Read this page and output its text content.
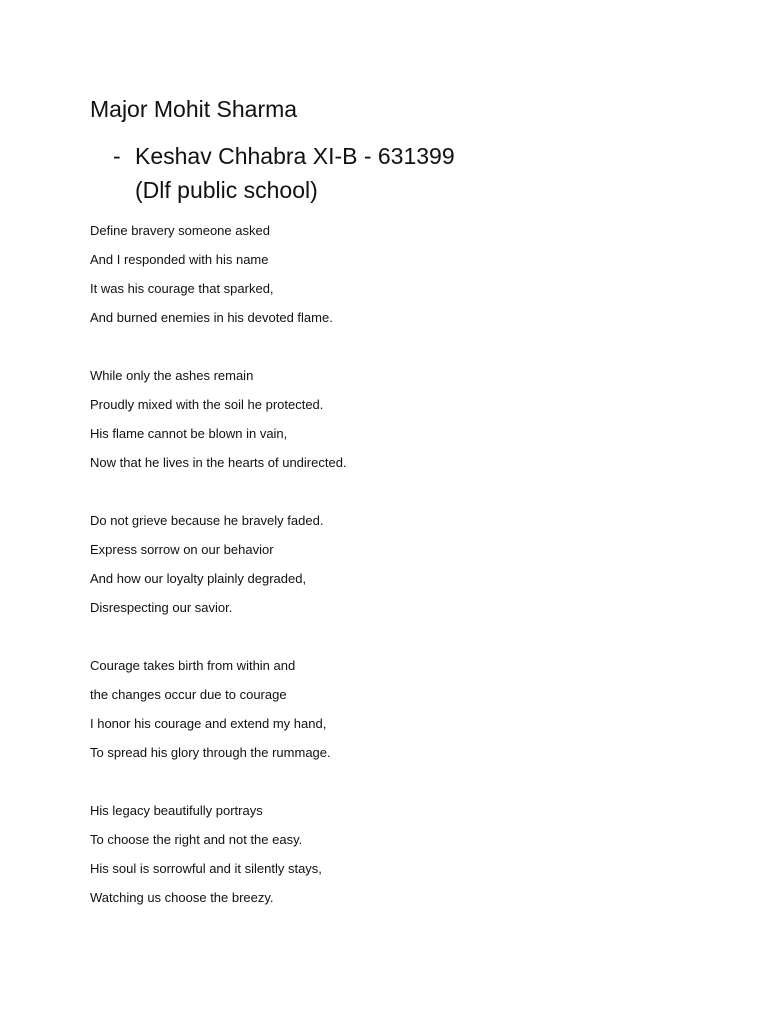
Major Mohit Sharma
- Keshav Chhabra XI-B - 631399
(Dlf public school)
Define bravery someone asked
And I responded with his name
It was his courage that sparked,
And burned enemies in his devoted flame.
While only the ashes remain
Proudly mixed with the soil he protected.
His flame cannot be blown in vain,
Now that he lives in the hearts of undirected.
Do not grieve because he bravely faded.
Express sorrow on our behavior
And how our loyalty plainly degraded,
Disrespecting our savior.
Courage takes birth from within and
the changes occur due to courage
I honor his courage and extend my hand,
To spread his glory through the rummage.
His legacy beautifully portrays
To choose the right and not the easy.
His soul is sorrowful and it silently stays,
Watching us choose the breezy.
